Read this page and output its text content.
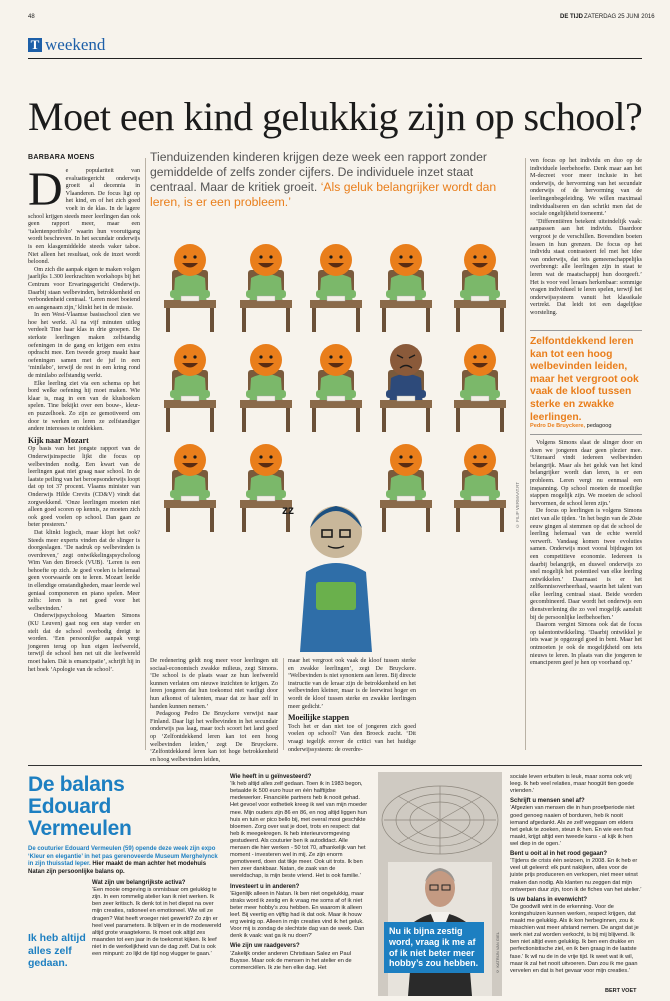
48	DE TIJD ZATERDAG 25 JUNI 2016
T weekend
Moet een kind gelukkig zijn op school?
BARBARA MOENS	Tienduizenden kinderen krijgen deze week een rapport zonder gemiddelde of zelfs zonder cijfers. De individuele inzet staat centraal. Maar de kritiek groeit. ‘Als geluk belangrijker wordt dan leren, is er een probleem.’
D e populariteit van evaluatiegericht onderwijs groeit al decennia in Vlaanderen. De focus ligt op het kind, en of het zich goed voelt in de klas. In de lagere school krijgen steeds meer leerlingen dan ook geen rapport meer, maar een ‘talentenportfolio’ waarin hun vooruitgang wordt beschreven. In het secundair onderwijs is een klasgemiddelde steeds vaker taboe. Niet alleen het resultaat, ook de inzet wordt beloond.

Om zich die aanpak eigen te maken volgen jaarlijks 1.300 leerkrachten workshops bij het Centrum voor Ervaringsgericht Onderwijs. Daarbij staan welbevinden, betrokkenheid en verbondenheid centraal. ‘Leren moet boeiend en aangenaam zijn,’ klinkt het in de missie.

In een West-Vlaamse basisschool zien we hoe het werkt. Al na vijf minuten uitleg verdeelt Tine haar klas in drie groepen. De sterkste leerlingen maken zelfstandig oefeningen in de gang en krijgen een extra opdracht mee. Een tweede groep maakt haar oefeningen samen met de juf in een ‘minilabo’, terwijl de rest in een kring rond de minilabo zelfstandig werkt.

Elke leerling ziet via een schema op het bord welke oefening hij moet maken. Wie klaar is, mag in een van de klushoeken spelen. Tine bekijkt over een bouw-, kleur- en puzzelhoek. Zo zijn ze gemotiveerd om door te werken en leren ze zelfstandiger andere interesses te ontdekken.

Kijk naar Mozart

Op basis van het jongste rapport van de Onderwijsinspectie lijkt die focus op welbevinden nodig. Een kwart van de leerlingen gaat niet graag naar school. In de laatste peiling van het beroepsonderwijs loopt dat op tot 37 procent. Vlaams minister van Onderwijs Hilde Crevits (CD&V) vindt dat zorgwekkend. ‘Onze leerlingen moeten niet alleen goed scoren op kennis, ze moeten zich ook goed voelen op school. Dan gaan ze beter presteren.’

Dat klinkt logisch, maar klopt het ook? Steeds meer experts vinden dat de slinger is doorgeslagen. ‘De nadruk op welbevinden is overdreven,’ zegt ontwikkelingspsycholoog Wim Van den Broeck (VUB). ‘Leren is een behoefte op zich. Je goed voelen is helemaal geen voorwaarde om te leren. Mozart leefde in ellendige omstandigheden, maar leerde wel geniaal componeren en piano spelen. Meer zelfs: leren is net goed voor het welbevinden.’

Onderwijspsycholoog Maarten Simons (KU Leuven) gaat nog een stap verder en stelt dat de school overbodig dreigt te worden. ‘Een persoonlijke aanpak vergt jongeren terug op hun eigen leefwereld, terwijl de school hen net uit die leefwereld moet halen. Dát is emancipatie’, schrijft hij in het boek ‘Apologie van de school’.

zz	© FILIP VERMAAT.RT

De redenering geldt nog meer voor leerlingen uit sociaal-economisch zwakke milieus, zegt Simons. ‘De school is de plaats waar ze hun leefwereld kunnen verlaten om nieuwe inzichten te krijgen. Zo leren jongeren dat hun toekomst niet vastligt door hun afkomst of talenten, maar dat ze haar zelf in handen kunnen nemen.’

Pedagoog Pedro De Bruyckere verwijst naar Finland. Daar ligt het welbevinden in het secundair onderwijs pas laag, maar toch scoort het land goed op ‘Zelfontdekkend leren kan tot een hoog welbevinden leiden,’ zegt De Bruyckere. ‘Zelfontdekkend leren kan tot hoge betrokkenheid en hoog welbevinden leiden,

maar het vergroot ook vaak de kloof tussen sterke en zwakke leerlingen’, zegt De Bruyckere. ‘Welbevinden is niet synoniem aan leren. Bij directe instructie van de leraar zijn de betrokkenheid en het welbevinden kleiner, maar is de leerwinst hoger en wordt de kloof tussen sterke en zwakke leerlingen meer gedicht.’

Moeilijke stappen

Toch het er dan niet toe of jongeren zich goed voelen op school? Van den Broeck zucht. ‘Dit vraagt tegelijk erover de critici van het huidige onderwijssysteem: de overdre-

ven focus op het individu en duo op de individuele leerbehoefte. Denk maar aan het M-decreet voor meer inclusie in het onderwijs, de hervorming van het secundair onderwijs of de hervorming van de leerlingenbegeleiding. We willen maximaal individualiseren en dan schrikt men dat de sociale ongelijkheid toeneemt.’

‘Differentiëren betekent uiteindelijk vaak: aanpassen aan het individu. Daardoor vergroot je de verschillen. Bovendien boeten lessen in hun grenzen. De focus op het individu staat contrasteert fel met het idee van onderwijs, dat iets gemeenschappelijks overbrengt: alle leerlingen zijn in staat te leren wat de maatschappij hun doorgeeft.’ Het is voor veel leraars herkenbaar: sommige vragen individueel te leren spelen, terwijl het onderwijssysteem vanuit het klassikale vertrekt. Dat leidt tot een dagelijkse worsteling.

Zelfontdekkend leren kan tot een hoog welbevinden leiden, maar het vergroot ook vaak de kloof tussen sterke en zwakke leerlingen.
Pedro De Bruyckere, pedagoog

Volgens Simons slaat de slinger door en doen we jongeren daar geen plezier mee. ‘Uiteraard vindt iedereen welbevinden belangrijk. Maar als het geluk van het kind belangrijker wordt dan leren, is er een probleem. Leren vergt nu eenmaal een inspanning. Op school moeten de moeilijke stappen mogelijk zijn. We moeten de school hervormen, de school leren zijn.’

De focus op leerlingen is volgens Simons niet van alle tijden. ‘In het begin van de 20ste eeuw gingen al stemmen op dat de school de leerling helemaal van de echte wereld verwerft. Vandaag komen twee evoluties samen. Onderwijs moet vooral bijdragen tot een competitieve economie. Iedereen is daarbij belangrijk, en duswel onderwijs zo snel mogelijk het potentieel van elke leerling ontwikkelen.’ Daarnaast is er het zelfkennisoverheerhaal, waarin het talent van elke leerling centraal staat. Beide worden gecombineerd. Daar wordt het onderwijs een dienstverlening die zo veel mogelijk aansluit bij de persoonlijke leefbehoeften.’

Daarom vergint Simons ook dat de focus op talentontwikkeling. ‘Daarbij ontwikkel je iets waar je opgezegd goed in bent. Maar het ontmoeten je ook de mogelijkheid om iets nieuws te leren. In plaats van die jongeren te emanciperen geef je hen op voorhand op.’

De balans
Edouard
Vermeulen
De couturier Edouard Vermeulen (59) opende deze week zijn expo ‘Kleur en elegantie’ in het pas gerenoveerde Museum Merghelynck in zijn thuisstad Ieper. Hier maakt de man achter het modehuis Natan zijn persoonlijke balans op.
Ik heb altijd alles zelf gedaan.
Wat zijn uw belangrijkste activa?
‘Een mooie omgeving is onmisbaar om gelukkig te zijn. In een rommelig atelier kan ik niet werken. Ik ben zeer kritisch. Ik denk tot in het diepst na over mijn creaties, rationeel en emotioneel. Wie wil ze dragen? Wat heeft vroeger niet gewerkt? Zo zijn er heel veel parameters. Ik blijven er in de modewereld altijd grote vraagtekens. Ik moet ook altijd zes maanden tot een jaar in de toekomst kijken. Ik leef niet in de werkelijkheid van de dag zelf. Dat is ook een minpunt: zo lijkt de tijd nog vlugger te gaan.’
Wie heeft in u geïnvesteerd?
‘Ik heb altijd alles zelf gedaan. Toen ik in 1983 begon, betaalde ik 500 euro huur en één halftijdse medewerker. Financiële partners heb ik nooit gehad. Het gevoel voor esthetiek kreeg ik wel van mijn moeder mee. Mijn ouders zijn 86 en 86, en nog altijd liggen hun huis en tuin er pico bello bij, met overal mooi geschikte bloemen. Zorg over wat je doet, trots en respect: dat heb ik meegekregen. Ik heb interieurvormgeving gestudeerd. Als couturier ben ik autodidact. Alle mensen die hier werken - 50 tot 70, afhankelijk van het moment - investeren wel in mij. Ze zijn enorm gemotiveerd, doen dat tikje meer. Ook uit trots. Ik ben hen zeer dankbaar. Natan, de zaak van de wereldschap, is mijn beste vriend. Het is ook familie.’
Investeert u in anderen?
‘Eigenlijk alleen in Natan. Ik ben niet ongelukkig, maar straks word ik zestig en ik vraag me soms af of ik niet beter meer hobby’s zou hebben. En waarom ik alleen leef. Bij veertig en vijftig had ik dat ook. Maar ik houw erg weinig op. Alleen in mijn creaties vind ik het geluk. Voor mij is zondag de slechtste dag van de week. Dan denk ik vaak: wat ga ik nu doen?’
Wie zijn uw raadgevers?
‘Zakelijk onder anderen Christiaan Salez en Paul Buysse. Maar ook de mensen in het atelier en de commerciëlen. Ik zie hen elke dag. Het
Nu ik bijna zestig word, vraag ik me af of ik niet beter meer hobby’s zou hebben.	© KATRIJN VAN GIEL
sociale leven erbuiten is leuk, maar soms ook vrij leeg. Ik heb veel relaties, maar hoogüit tien goede vrienden.’
Schrijft u mensen snel af?
‘Afgezien van mensen die in hun proefperiode niet goed genoeg naaien of borduren, heb ik nooit iemand afgedankt. Als ze zelf weggaan om elders het geluk te zoeken, steun ik hen. En wie een fout maakt, krijgt altijd een tweede kans - al kijk ik hen wel diep in de ogen.’
Bent u ooit al in het rood gegaan?
‘Tijdens de crisis één seizoen, in 2008. En ik heb er veel uit geleerd: elk punt nakijken, alles voor de juiste prijs produceren en verkopen, niet meer winst maken dan nodig. Als klanten nu zeggen dat mijn ontwerpen duur zijn, toon ik de fiches van het atelier.’
Is uw balans in evenwicht?
‘De goodwill wint in de erkenning. Voor de koningshuizen kunnen werken, respect krijgen, dat maakt me gelukkig. Als ik kon herbeginnen, zou ik misschien wat meer afstand nemen. De angst dat je werk niet zal worden verkocht, is bij mij blijvend. Ik ben niet altijd even gelukkig. Ik ben een drukke en perfectionistische ziel, en ik ben graag in de laatste fase.’ Ik wil nu de in de vrije tijd. Ik weet wat ik wil, maar ik zal het nooit uitvoeren. Dan zou ik me gaan vervelen en dat is het gevaar voor mijn creaties.’
BERT VOET
